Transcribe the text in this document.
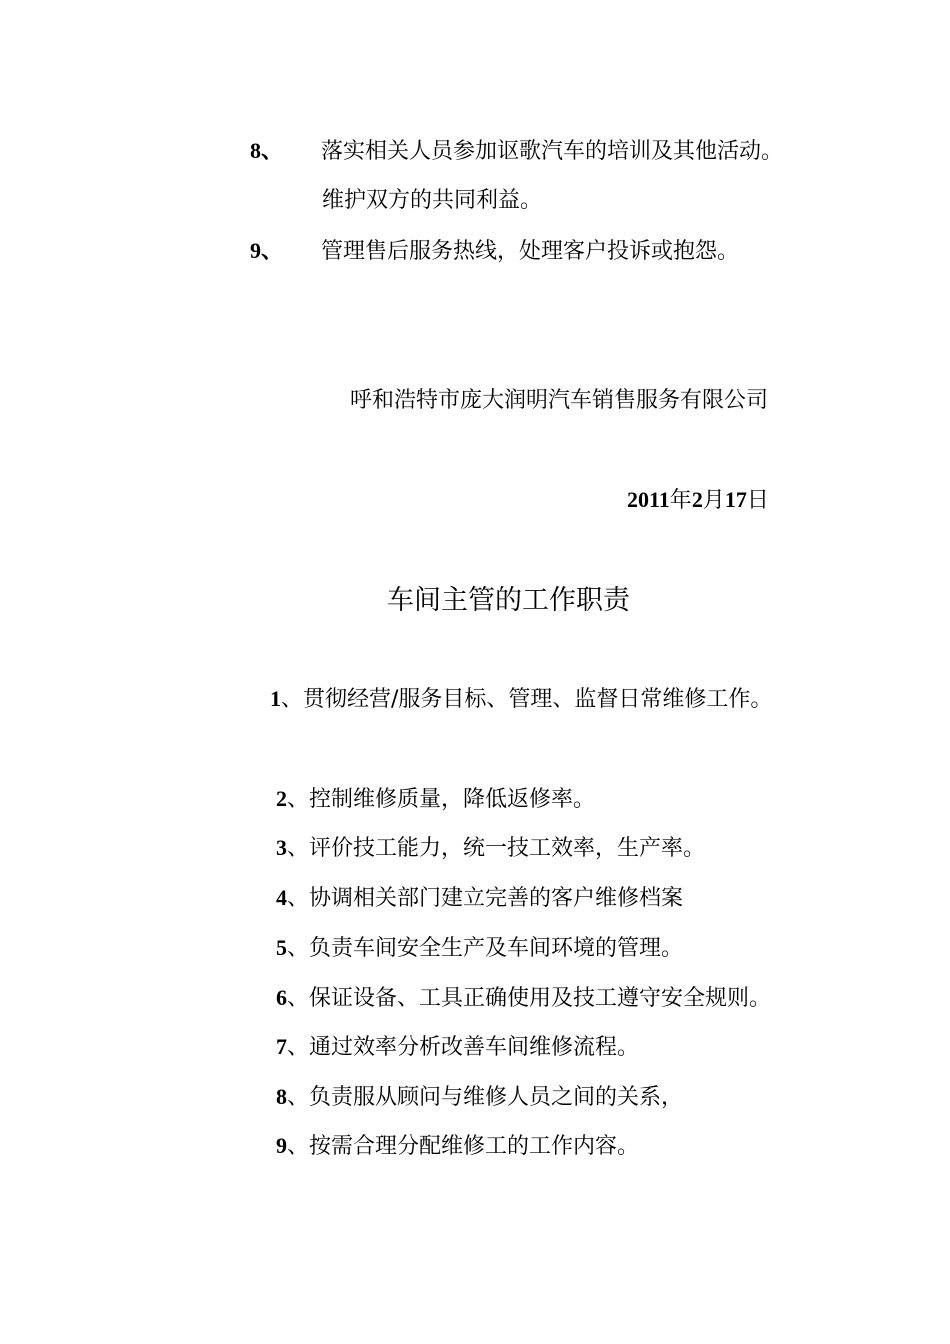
8、 落实相关人员参加讴歌汽车的培训及其他活动。
维护双方的共同利益。
9、 管理售后服务热线，处理客户投诉或抱怨。
呼和浩特市庞大润明汽车销售服务有限公司
2011年2月17日
车间主管的工作职责
1、贯彻经营/服务目标、管理、监督日常维修工作。
2、控制维修质量，降低返修率。
3、评价技工能力，统一技工效率，生产率。
4、协调相关部门建立完善的客户维修档案
5、负责车间安全生产及车间环境的管理。
6、保证设备、工具正确使用及技工遵守安全规则。
7、通过效率分析改善车间维修流程。
8、负责服从顾问与维修人员之间的关系，
9、按需合理分配维修工的工作内容。
